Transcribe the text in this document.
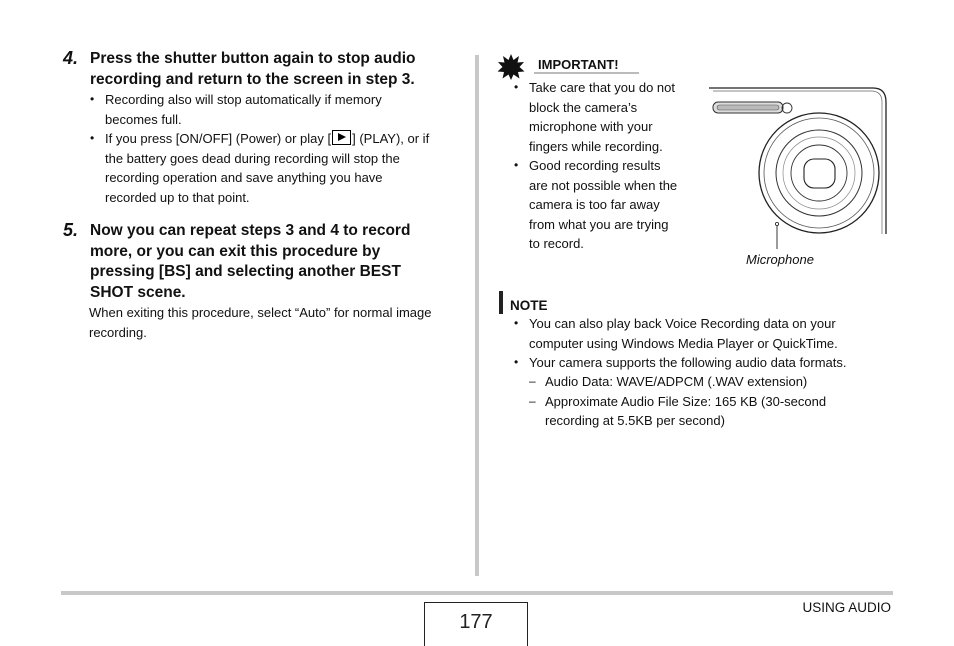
4. Press the shutter button again to stop audio
recording and return to the screen in step 3.
• Recording also will stop automatically if memory
becomes full.
• If you press [ON/OFF] (Power) or play [ ] (PLAY), or if
the battery goes dead during recording will stop the
recording operation and save anything you have
recorded up to that point.
5. Now you can repeat steps 3 and 4 to record
more, or you can exit this procedure by
pressing [BS] and selecting another BEST
SHOT scene.
When exiting this procedure, select “Auto” for normal image
recording.
IMPORTANT!
• Take care that you do not
block the camera’s
microphone with your
fingers while recording.
• Good recording results
are not possible when the
camera is too far away
from what you are trying
to record.
Microphone
NOTE
• You can also play back Voice Recording data on your
computer using Windows Media Player or QuickTime.
• Your camera supports the following audio data formats.
– Audio Data: WAVE/ADPCM (.WAV extension)
– Approximate Audio File Size: 165 KB (30-second
recording at 5.5KB per second)
177
USING AUDIO
